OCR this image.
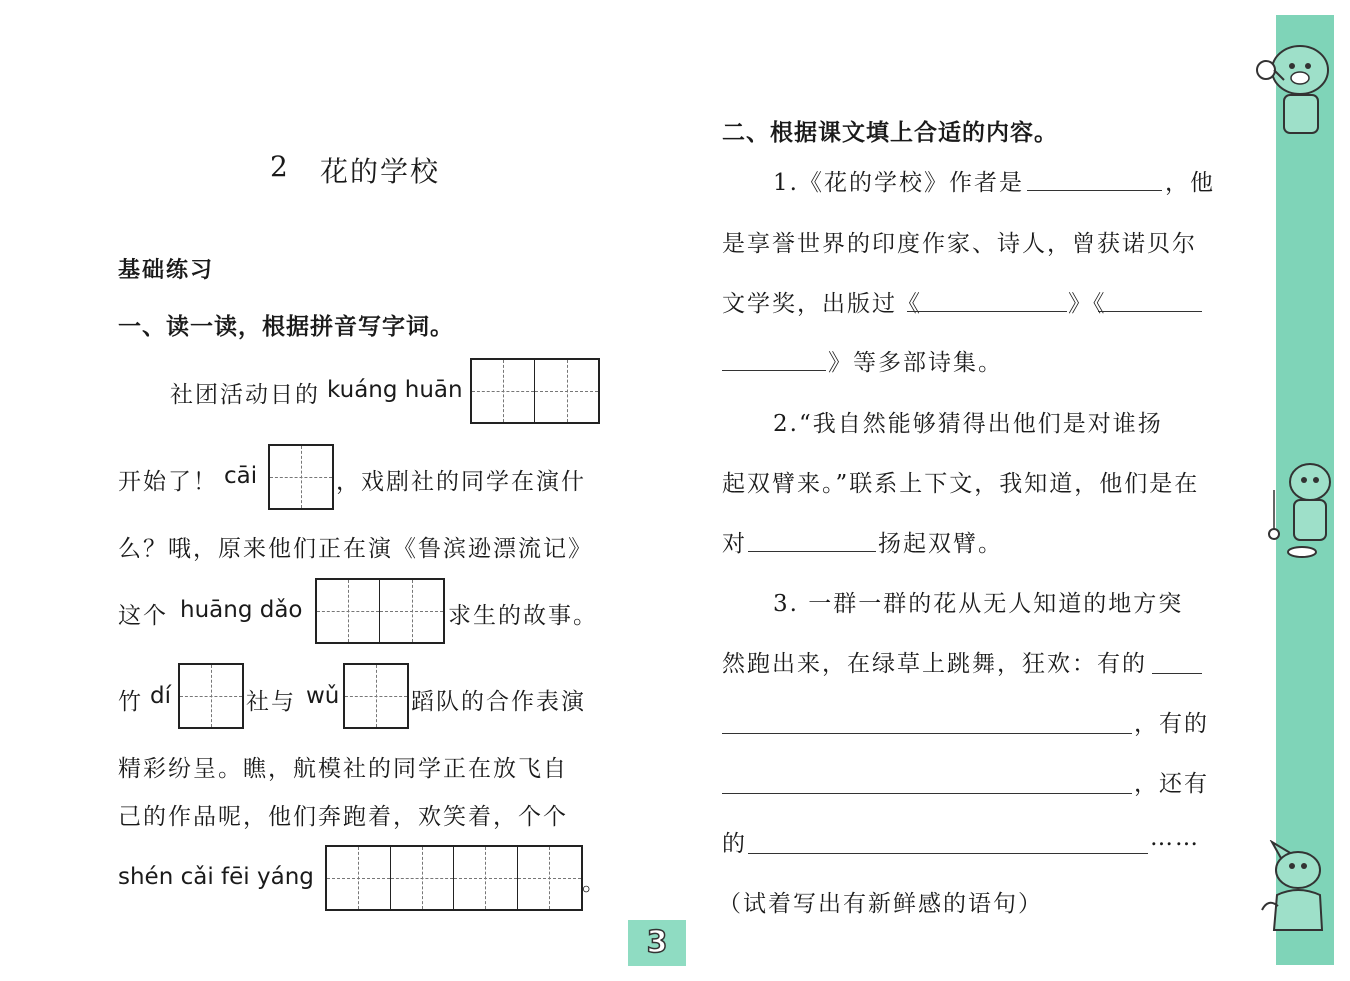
2 花的学校
基础练习
一、读一读，根据拼音写字词。
社团活动日的 kuáng huān
开始了！ cāi	，戏剧社的同学在演什
么？哦，原来他们正在演《鲁滨逊漂流记》
这个 huāng dǎo	求生的故事。
竹 dí	社与 wǔ	蹈队的合作表演
精彩纷呈。瞧，航模社的同学正在放飞自
己的作品呢，他们奔跑着，欢笑着，个个
shén cǎi fēi yáng	。
3
二、根据课文填上合适的内容。
1.《花的学校》作者是	，他
是享誉世界的印度作家、诗人，曾获诺贝尔
文学奖，出版过《	》《
》等多部诗集。
2.“我自然能够猜得出他们是对谁扬
起双臂来。”联系上下文，我知道，他们是在
对	扬起双臂。
3. 一群一群的花从无人知道的地方突
然跑出来，在绿草上跳舞，狂欢：有的
，有的
，还有
的	……
（试着写出有新鲜感的语句）
